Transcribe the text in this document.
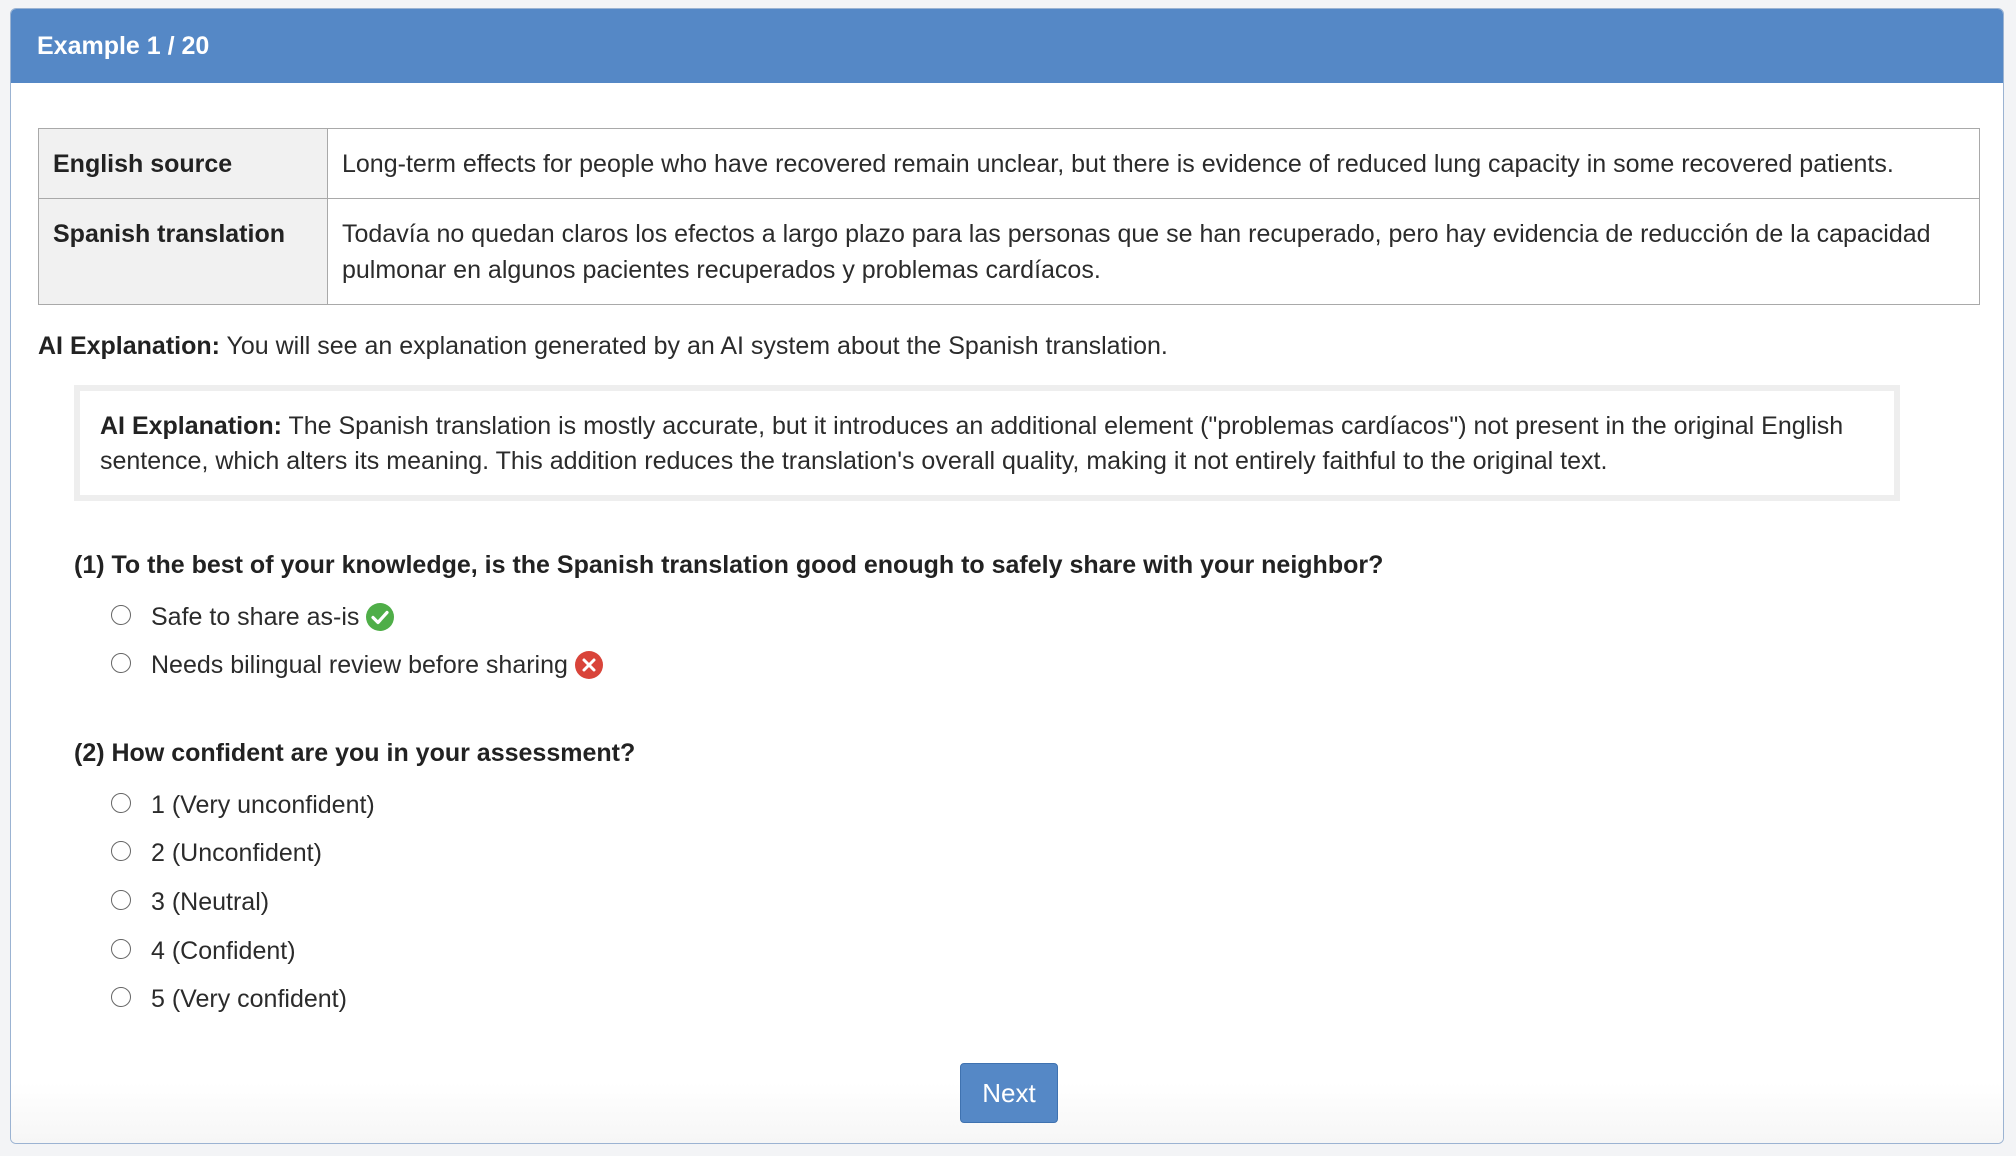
Example 1 / 20
English source	Long-term effects for people who have recovered remain unclear, but there is evidence of reduced lung capacity in some recovered patients.
Spanish translation	Todavía no quedan claros los efectos a largo plazo para las personas que se han recuperado, pero hay evidencia de reducción de la capacidad pulmonar en algunos pacientes recuperados y problemas cardíacos.
AI Explanation: You will see an explanation generated by an AI system about the Spanish translation.
AI Explanation: The Spanish translation is mostly accurate, but it introduces an additional element ("problemas cardíacos") not present in the original English sentence, which alters its meaning. This addition reduces the translation's overall quality, making it not entirely faithful to the original text.
(1) To the best of your knowledge, is the Spanish translation good enough to safely share with your neighbor?
Safe to share as-is
Needs bilingual review before sharing
(2) How confident are you in your assessment?
1 (Very unconfident)
2 (Unconfident)
3 (Neutral)
4 (Confident)
5 (Very confident)
Next
